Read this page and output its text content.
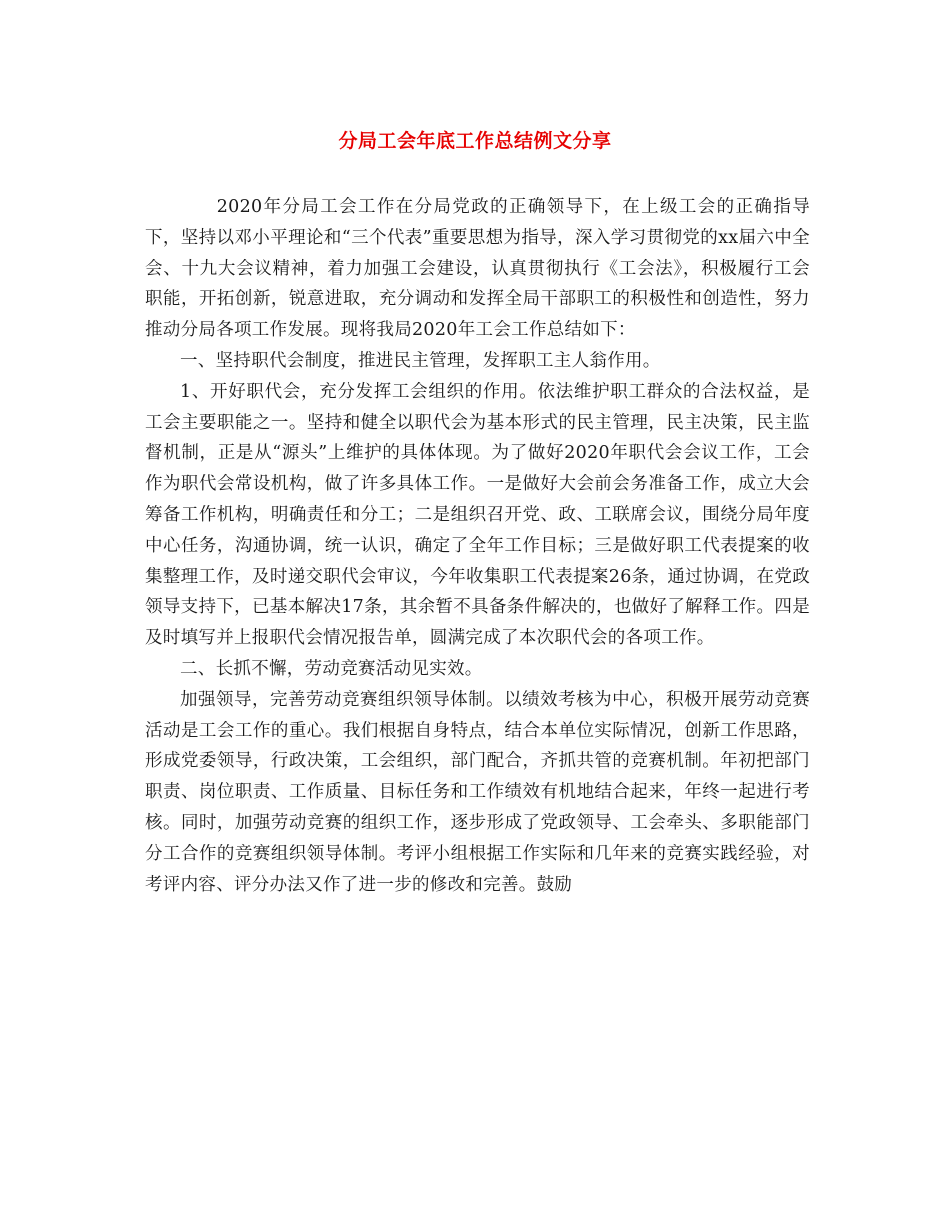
分局工会年底工作总结例文分享

2020年分局工会工作在分局党政的正确领导下，在上级工会的正确指导下，坚持以邓小平理论和“三个代表”重要思想为指导，深入学习贯彻党的xx届六中全会、十九大会议精神，着力加强工会建设，认真贯彻执行《工会法》，积极履行工会职能，开拓创新，锐意进取，充分调动和发挥全局干部职工的积极性和创造性，努力推动分局各项工作发展。现将我局2020年工会工作总结如下：

一、坚持职代会制度，推进民主管理，发挥职工主人翁作用。

1、开好职代会，充分发挥工会组织的作用。依法维护职工群众的合法权益，是工会主要职能之一。坚持和健全以职代会为基本形式的民主管理，民主决策，民主监督机制，正是从“源头”上维护的具体体现。为了做好2020年职代会会议工作，工会作为职代会常设机构，做了许多具体工作。一是做好大会前会务准备工作，成立大会筹备工作机构，明确责任和分工；二是组织召开党、政、工联席会议，围绕分局年度中心任务，沟通协调，统一认识，确定了全年工作目标；三是做好职工代表提案的收集整理工作，及时递交职代会审议，今年收集职工代表提案26条，通过协调，在党政领导支持下，已基本解决17条，其余暂不具备条件解决的，也做好了解释工作。四是及时填写并上报职代会情况报告单，圆满完成了本次职代会的各项工作。

二、长抓不懈，劳动竞赛活动见实效。

加强领导，完善劳动竞赛组织领导体制。以绩效考核为中心，积极开展劳动竞赛活动是工会工作的重心。我们根据自身特点，结合本单位实际情况，创新工作思路，形成党委领导，行政决策，工会组织，部门配合，齐抓共管的竞赛机制。年初把部门职责、岗位职责、工作质量、目标任务和工作绩效有机地结合起来，年终一起进行考核。同时，加强劳动竞赛的组织工作，逐步形成了党政领导、工会牵头、多职能部门分工合作的竞赛组织领导体制。考评小组根据工作实际和几年来的竞赛实践经验，对考评内容、评分办法又作了进一步的修改和完善。鼓励
